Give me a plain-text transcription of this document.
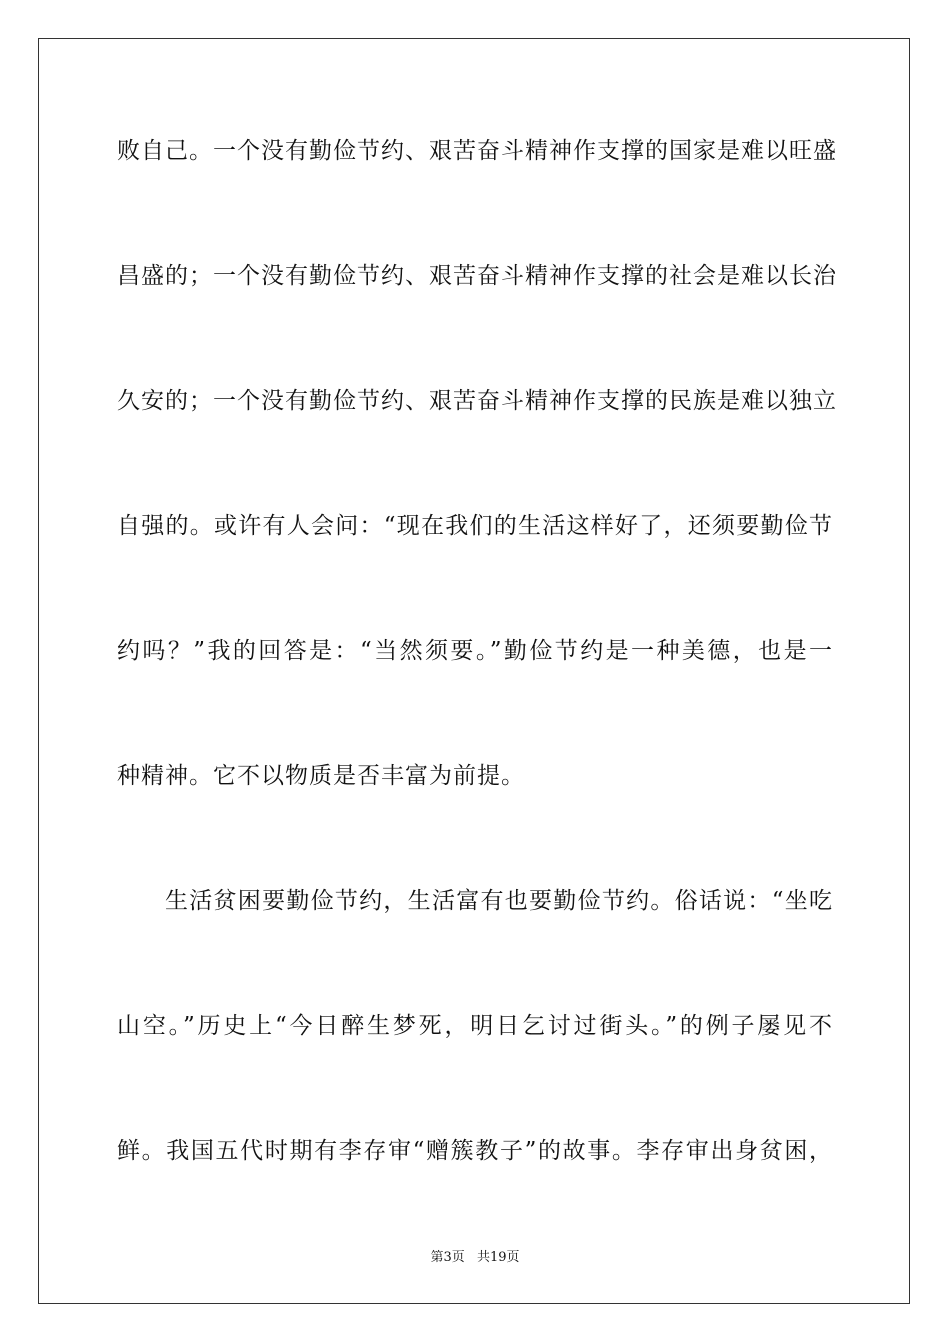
败自己。一个没有勤俭节约、艰苦奋斗精神作支撑的国家是难以旺盛
昌盛的；一个没有勤俭节约、艰苦奋斗精神作支撑的社会是难以长治
久安的；一个没有勤俭节约、艰苦奋斗精神作支撑的民族是难以独立
自强的。或许有人会问：“现在我们的生活这样好了，还须要勤俭节
约吗？”我的回答是：“当然须要。”勤俭节约是一种美德，也是一
种精神。它不以物质是否丰富为前提。
生活贫困要勤俭节约，生活富有也要勤俭节约。俗话说：“坐吃
山空。”历史上“今日醉生梦死，明日乞讨过街头。”的例子屡见不
鲜。我国五代时期有李存审“赠簇教子”的故事。李存审出身贫困，
第3页 共19页
